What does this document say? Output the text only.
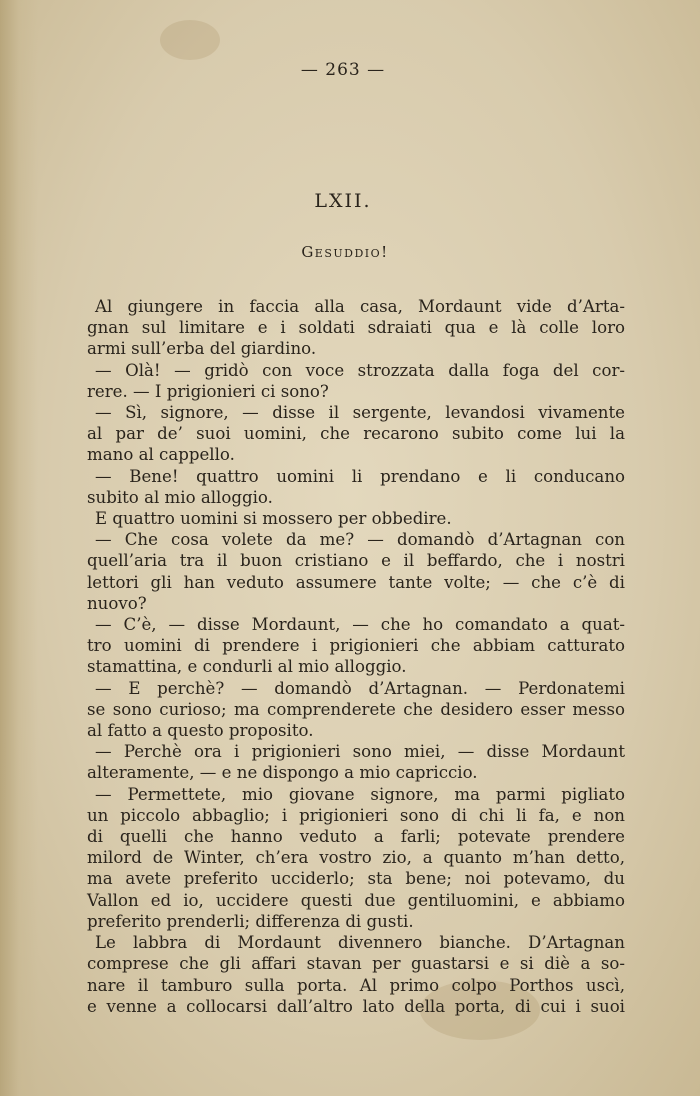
— 263 —
LXII.
Gesuddio!
Al giungere in faccia alla casa, Mordaunt vide d’Arta-
gnan sul limitare e i soldati sdraiati qua e là colle loro
armi sull’erba del giardino.
— Olà! — gridò con voce strozzata dalla foga del cor-
rere. — I prigionieri ci sono?
— Sì, signore, — disse il sergente, levandosi vivamente
al par de’ suoi uomini, che recarono subito come lui la
mano al cappello.
— Bene! quattro uomini li prendano e li conducano
subito al mio alloggio.
E quattro uomini si mossero per obbedire.
— Che cosa volete da me? — domandò d’Artagnan con
quell’aria tra il buon cristiano e il beffardo, che i nostri
lettori gli han veduto assumere tante volte; — che c’è di
nuovo?
— C’è, — disse Mordaunt, — che ho comandato a quat-
tro uomini di prendere i prigionieri che abbiam catturato
stamattina, e condurli al mio alloggio.
— E perchè? — domandò d’Artagnan. — Perdonatemi
se sono curioso; ma comprenderete che desidero esser messo
al fatto a questo proposito.
— Perchè ora i prigionieri sono miei, — disse Mordaunt
alteramente, — e ne dispongo a mio capriccio.
— Permettete, mio giovane signore, ma parmi pigliato
un piccolo abbaglio; i prigionieri sono di chi li fa, e non
di quelli che hanno veduto a farli; potevate prendere
milord de Winter, ch’era vostro zio, a quanto m’han detto,
ma avete preferito ucciderlo; sta bene; noi potevamo, du
Vallon ed io, uccidere questi due gentiluomini, e abbiamo
preferito prenderli; differenza di gusti.
Le labbra di Mordaunt divennero bianche. D’Artagnan
comprese che gli affari stavan per guastarsi e si diè a so-
nare il tamburo sulla porta. Al primo colpo Porthos uscì,
e venne a collocarsi dall’altro lato della porta, di cui i suoi
